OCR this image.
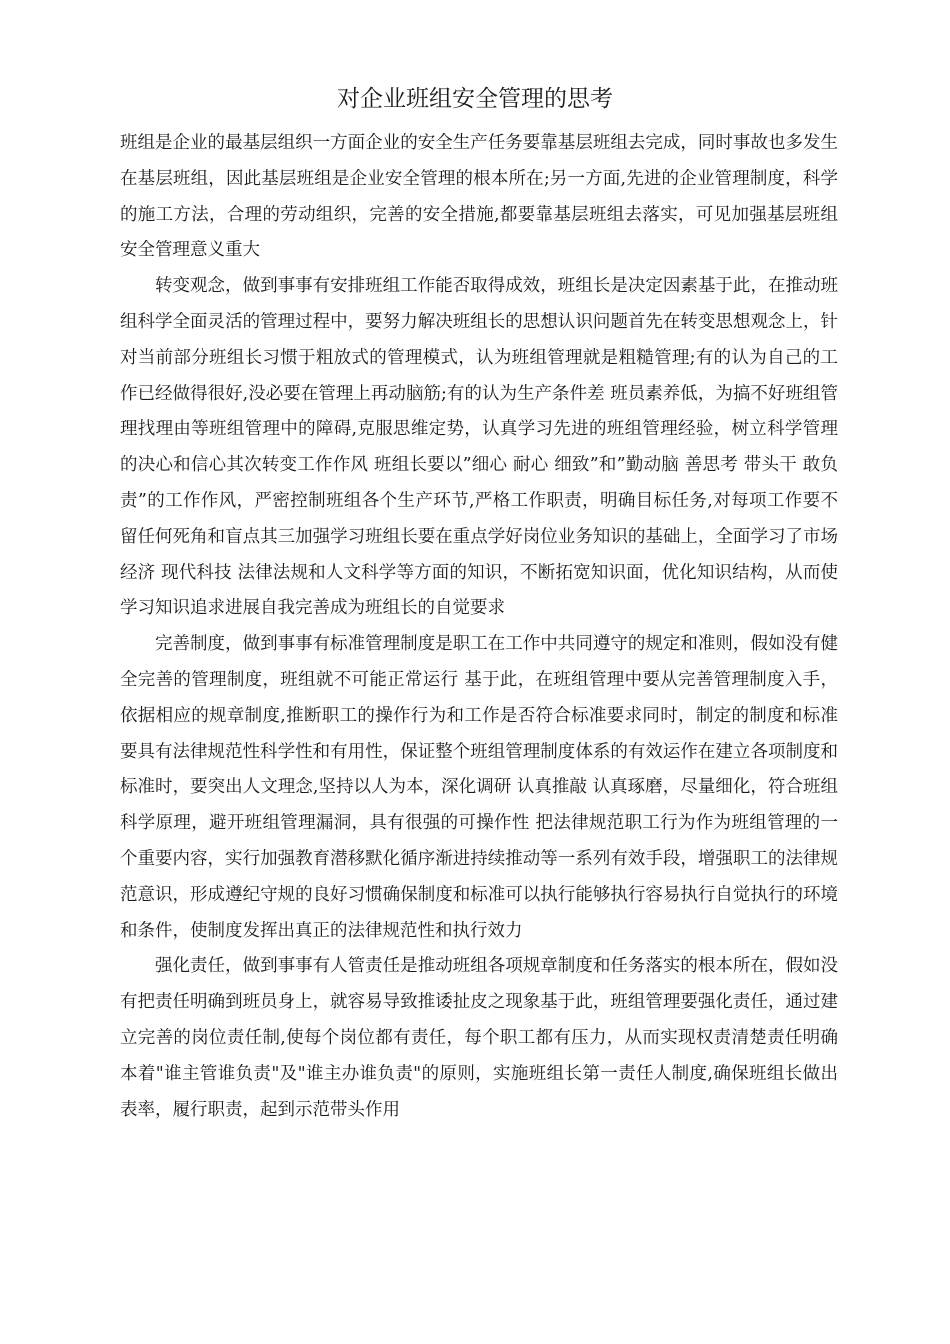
对企业班组安全管理的思考

班组是企业的最基层组织一方面企业的安全生产任务要靠基层班组去完成，同时事故也多发生在基层班组，因此基层班组是企业安全管理的根本所在;另一方面,先进的企业管理制度，科学的施工方法，合理的劳动组织，完善的安全措施,都要靠基层班组去落实，可见加强基层班组安全管理意义重大

转变观念，做到事事有安排班组工作能否取得成效，班组长是决定因素基于此，在推动班组科学全面灵活的管理过程中，要努力解决班组长的思想认识问题首先在转变思想观念上，针对当前部分班组长习惯于粗放式的管理模式，认为班组管理就是粗糙管理;有的认为自己的工作已经做得很好,没必要在管理上再动脑筋;有的认为生产条件差 班员素养低，为搞不好班组管理找理由等班组管理中的障碍,克服思维定势，认真学习先进的班组管理经验，树立科学管理的决心和信心其次转变工作作风 班组长要以”细心 耐心 细致”和”勤动脑 善思考 带头干 敢负责”的工作作风，严密控制班组各个生产环节,严格工作职责，明确目标任务,对每项工作要不留任何死角和盲点其三加强学习班组长要在重点学好岗位业务知识的基础上，全面学习了市场经济 现代科技 法律法规和人文科学等方面的知识，不断拓宽知识面，优化知识结构，从而使学习知识追求进展自我完善成为班组长的自觉要求

完善制度，做到事事有标准管理制度是职工在工作中共同遵守的规定和准则，假如没有健全完善的管理制度，班组就不可能正常运行 基于此，在班组管理中要从完善管理制度入手，依据相应的规章制度,推断职工的操作行为和工作是否符合标准要求同时，制定的制度和标准要具有法律规范性科学性和有用性，保证整个班组管理制度体系的有效运作在建立各项制度和标准时，要突出人文理念,坚持以人为本，深化调研 认真推敲 认真琢磨，尽量细化，符合班组科学原理，避开班组管理漏洞，具有很强的可操作性 把法律规范职工行为作为班组管理的一个重要内容，实行加强教育潜移默化循序渐进持续推动等一系列有效手段，增强职工的法律规范意识，形成遵纪守规的良好习惯确保制度和标准可以执行能够执行容易执行自觉执行的环境和条件，使制度发挥出真正的法律规范性和执行效力

强化责任，做到事事有人管责任是推动班组各项规章制度和任务落实的根本所在，假如没有把责任明确到班员身上，就容易导致推诿扯皮之现象基于此，班组管理要强化责任，通过建立完善的岗位责任制,使每个岗位都有责任，每个职工都有压力，从而实现权责清楚责任明确 本着"谁主管谁负责"及"谁主办谁负责"的原则，实施班组长第一责任人制度,确保班组长做出表率，履行职责，起到示范带头作用
